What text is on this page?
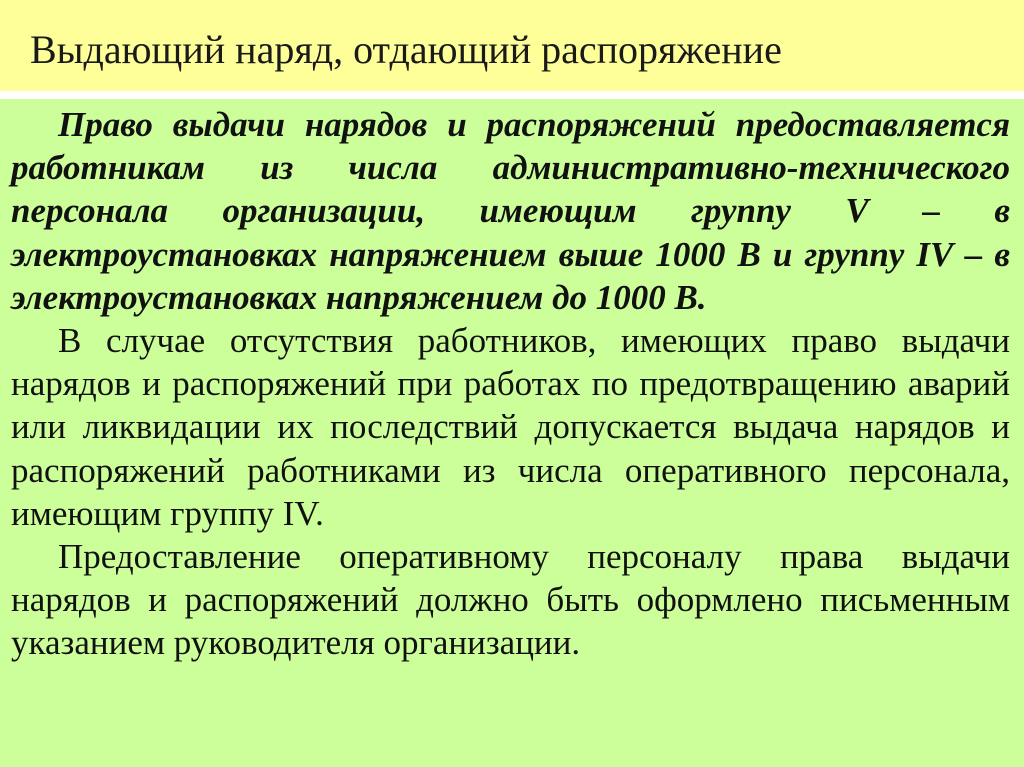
Выдающий наряд, отдающий распоряжение

Право выдачи нарядов и распоряжений предоставляется работникам из числа административно-технического персонала организации, имеющим группу V – в электроустановках напряжением выше 1000 В и группу IV – в электроустановках напряжением до 1000 В.

В случае отсутствия работников, имеющих право выдачи нарядов и распоряжений при работах по предотвращению аварий или ликвидации их последствий допускается выдача нарядов и распоряжений работниками из числа оперативного персонала, имеющим группу IV.

Предоставление оперативному персоналу права выдачи нарядов и распоряжений должно быть оформлено письменным указанием руководителя организации.
